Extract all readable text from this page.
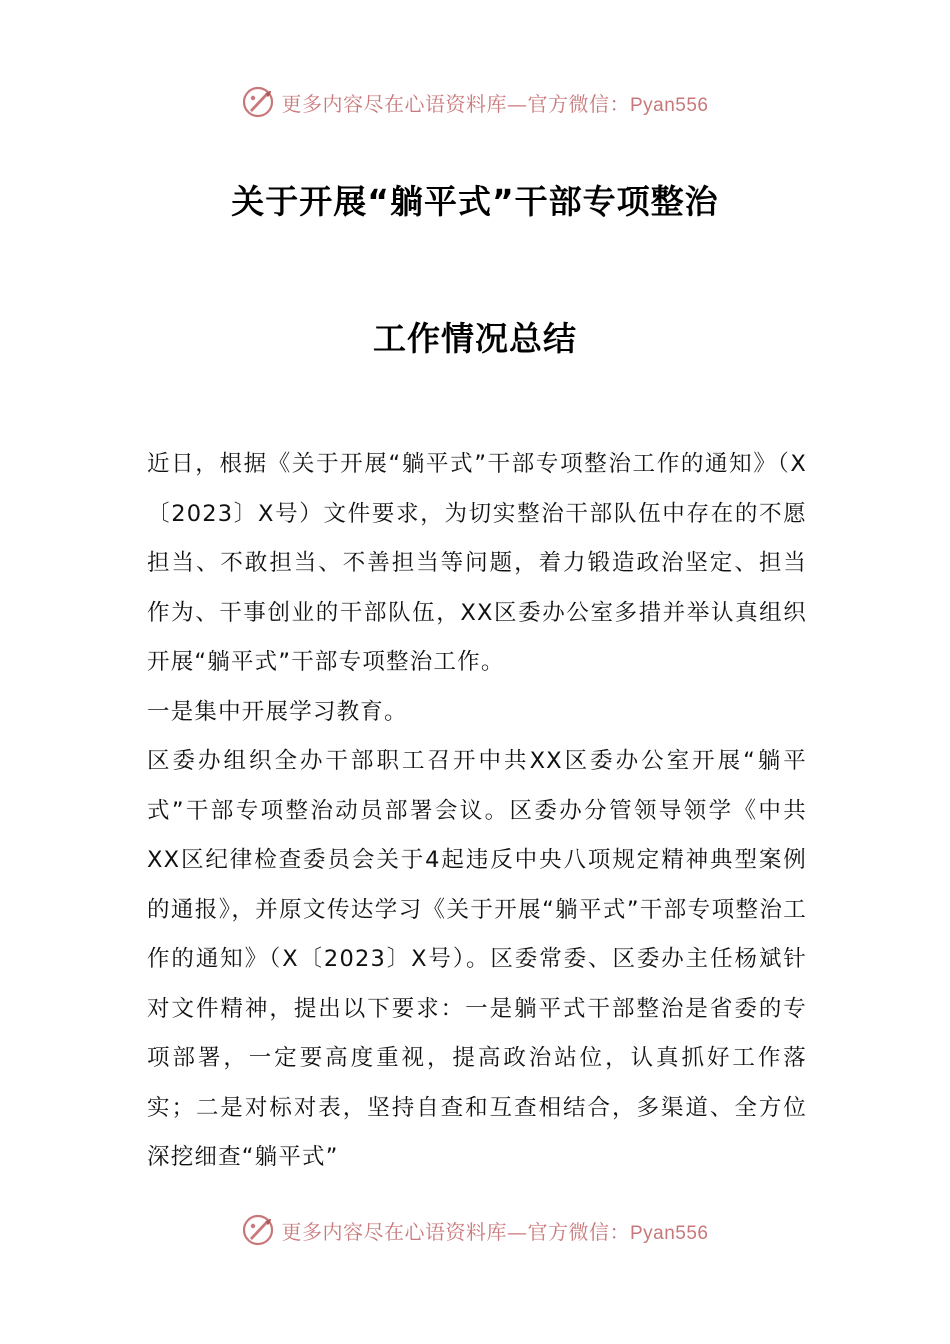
更多内容尽在心语资料库—官方微信：Pyan556
关于开展“躺平式”干部专项整治
工作情况总结

近日，根据《关于开展“躺平式”干部专项整治工作的通知》（X〔2023〕X号）文件要求，为切实整治干部队伍中存在的不愿担当、不敢担当、不善担当等问题，着力锻造政治坚定、担当作为、干事创业的干部队伍，XX区委办公室多措并举认真组织开展“躺平式”干部专项整治工作。

一是集中开展学习教育。

区委办组织全办干部职工召开中共XX区委办公室开展“躺平式”干部专项整治动员部署会议。区委办分管领导领学《中共XX区纪律检查委员会关于4起违反中央八项规定精神典型案例的通报》，并原文传达学习《关于开展“躺平式”干部专项整治工作的通知》（X〔2023〕X号）。区委常委、区委办主任杨斌针对文件精神，提出以下要求：一是躺平式干部整治是省委的专项部署，一定要高度重视，提高政治站位，认真抓好工作落实；二是对标对表，坚持自查和互查相结合，多渠道、全方位深挖细查“躺平式”

更多内容尽在心语资料库—官方微信：Pyan556
